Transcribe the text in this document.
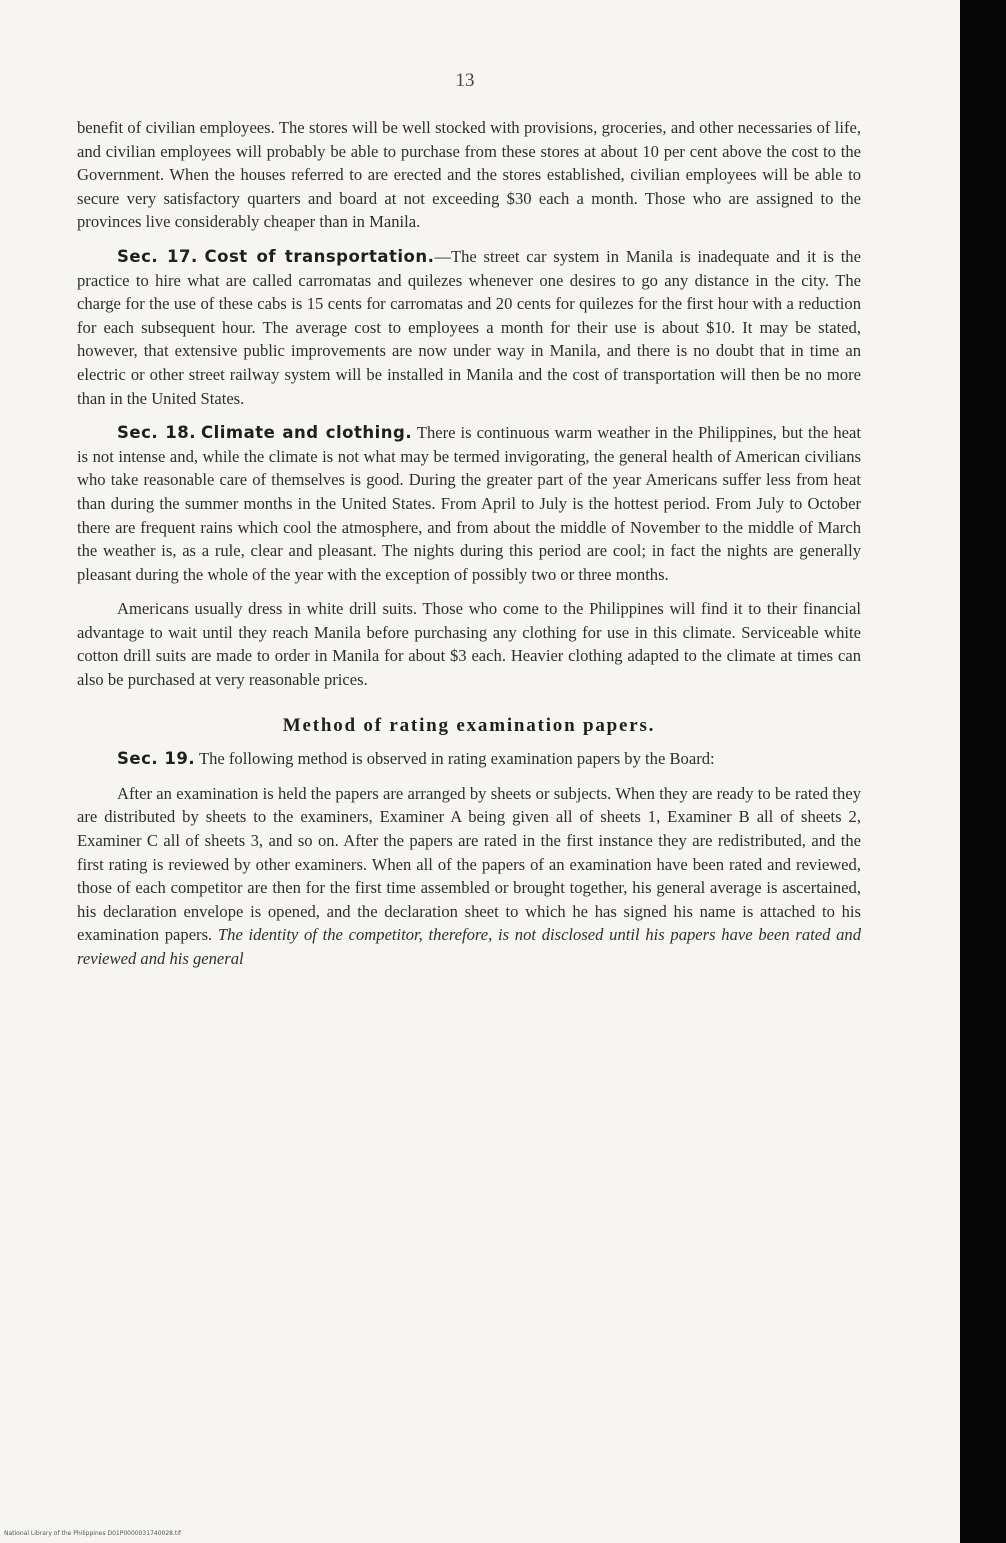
13

benefit of civilian employees. The stores will be well stocked with provisions, groceries, and other necessaries of life, and civilian employees will probably be able to purchase from these stores at about 10 per cent above the cost to the Government. When the houses referred to are erected and the stores established, civilian employees will be able to secure very satisfactory quarters and board at not exceeding $30 each a month. Those who are assigned to the provinces live considerably cheaper than in Manila.

Sec. 17. Cost of transportation.—The street car system in Manila is inadequate and it is the practice to hire what are called carromatas and quilezes whenever one desires to go any distance in the city. The charge for the use of these cabs is 15 cents for carromatas and 20 cents for quilezes for the first hour with a reduction for each subsequent hour. The average cost to employees a month for their use is about $10. It may be stated, however, that extensive public improvements are now under way in Manila, and there is no doubt that in time an electric or other street railway system will be installed in Manila and the cost of transportation will then be no more than in the United States.

Sec. 18. Climate and clothing. There is continuous warm weather in the Philippines, but the heat is not intense and, while the climate is not what may be termed invigorating, the general health of American civilians who take reasonable care of themselves is good. During the greater part of the year Americans suffer less from heat than during the summer months in the United States. From April to July is the hottest period. From July to October there are frequent rains which cool the atmosphere, and from about the middle of November to the middle of March the weather is, as a rule, clear and pleasant. The nights during this period are cool; in fact the nights are generally pleasant during the whole of the year with the exception of possibly two or three months.

Americans usually dress in white drill suits. Those who come to the Philippines will find it to their financial advantage to wait until they reach Manila before purchasing any clothing for use in this climate. Serviceable white cotton drill suits are made to order in Manila for about $3 each. Heavier clothing adapted to the climate at times can also be purchased at very reasonable prices.

Method of rating examination papers.

Sec. 19. The following method is observed in rating examination papers by the Board:

After an examination is held the papers are arranged by sheets or subjects. When they are ready to be rated they are distributed by sheets to the examiners, Examiner A being given all of sheets 1, Examiner B all of sheets 2, Examiner C all of sheets 3, and so on. After the papers are rated in the first instance they are redistributed, and the first rating is reviewed by other examiners. When all of the papers of an examination have been rated and reviewed, those of each competitor are then for the first time assembled or brought together, his general average is ascertained, his declaration envelope is opened, and the declaration sheet to which he has signed his name is attached to his examination papers. The identity of the competitor, therefore, is not disclosed until his papers have been rated and reviewed and his general

National Library of the Philippines D01P0000031740028.tif
